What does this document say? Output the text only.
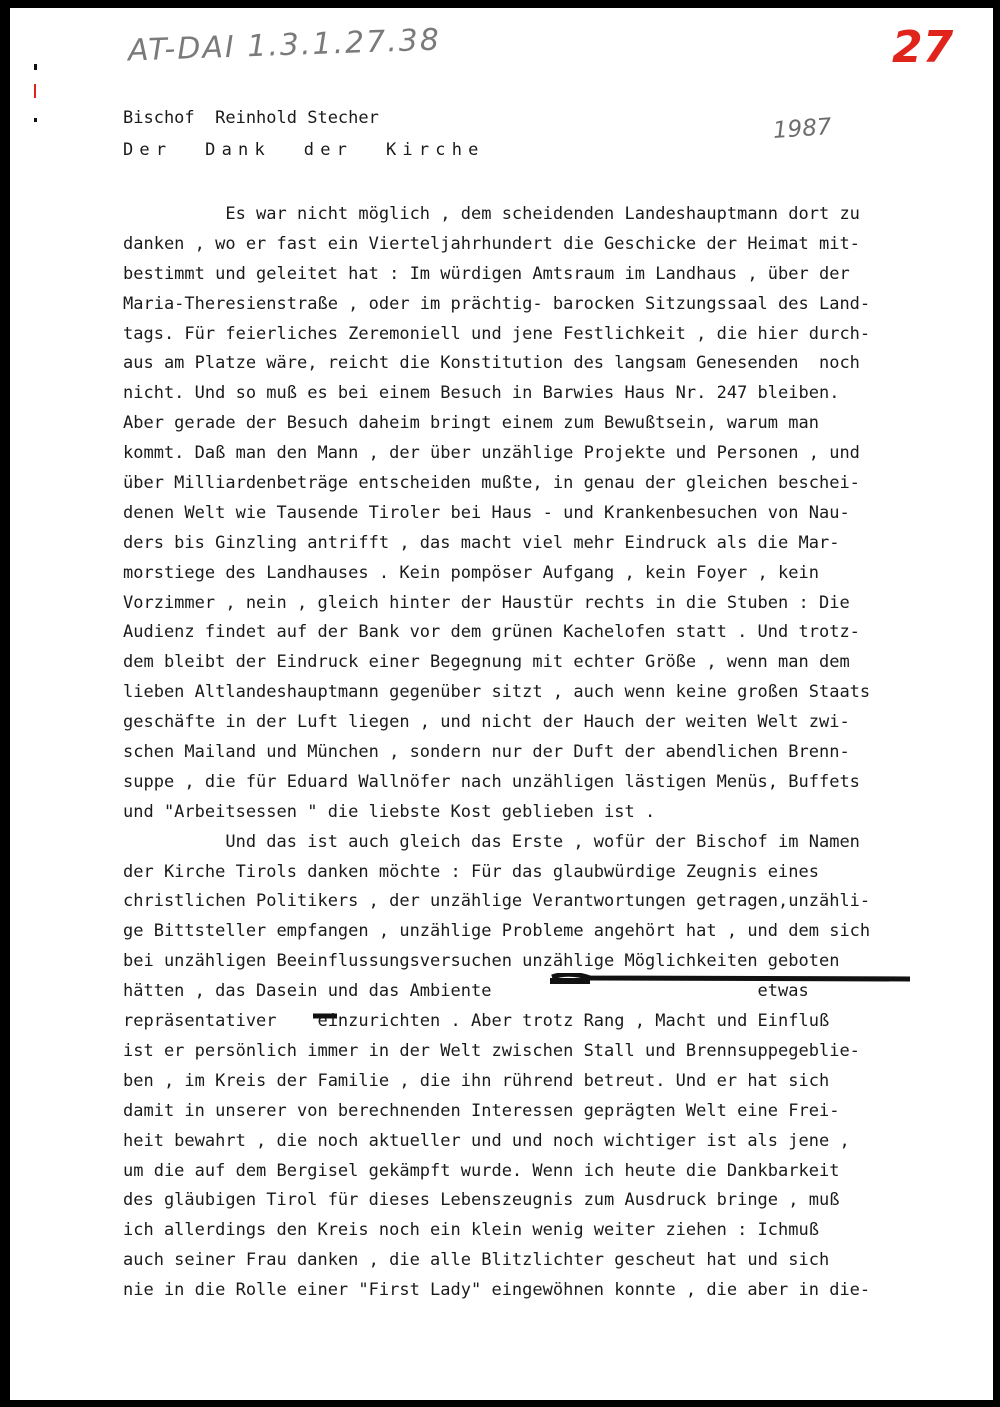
AT-DAI 1.3.1.27.38	27
1987
Bischof  Reinhold Stecher
Der  Dank  der  Kirche
Es war nicht möglich , dem scheidenden Landeshauptmann dort zu
danken , wo er fast ein Vierteljahrhundert die Geschicke der Heimat mit-
bestimmt und geleitet hat : Im würdigen Amtsraum im Landhaus , über der
Maria-Theresienstraße , oder im prächtig- barocken Sitzungssaal des Land-
tags. Für feierliches Zeremoniell und jene Festlichkeit , die hier durch-
aus am Platze wäre, reicht die Konstitution des langsam Genesenden  noch
nicht. Und so muß es bei einem Besuch in Barwies Haus Nr. 247 bleiben.
Aber gerade der Besuch daheim bringt einem zum Bewußtsein, warum man
kommt. Daß man den Mann , der über unzählige Projekte und Personen , und
über Milliardenbeträge entscheiden mußte, in genau der gleichen beschei-
denen Welt wie Tausende Tiroler bei Haus - und Krankenbesuchen von Nau-
ders bis Ginzling antrifft , das macht viel mehr Eindruck als die Mar-
morstiege des Landhauses . Kein pompöser Aufgang , kein Foyer , kein
Vorzimmer , nein , gleich hinter der Haustür rechts in die Stuben : Die
Audienz findet auf der Bank vor dem grünen Kachelofen statt . Und trotz-
dem bleibt der Eindruck einer Begegnung mit echter Größe , wenn man dem
lieben Altlandeshauptmann gegenüber sitzt , auch wenn keine großen Staats
geschäfte in der Luft liegen , und nicht der Hauch der weiten Welt zwi-
schen Mailand und München , sondern nur der Duft der abendlichen Brenn-
suppe , die für Eduard Wallnöfer nach unzähligen lästigen Menüs, Buffets
und "Arbeitsessen " die liebste Kost geblieben ist .
Und das ist auch gleich das Erste , wofür der Bischof im Namen
der Kirche Tirols danken möchte : Für das glaubwürdige Zeugnis eines
christlichen Politikers , der unzählige Verantwortungen getragen,unzähli-
ge Bittsteller empfangen , unzählige Probleme angehört hat , und dem sich
bei unzähligen Beeinflussungsversuchen unzählige Möglichkeiten geboten
hätten , das Dasein und das Ambiente                          etwas
repräsentativer    einzurichten . Aber trotz Rang , Macht und Einfluß
ist er persönlich immer in der Welt zwischen Stall und Brennsuppegeblie-
ben , im Kreis der Familie , die ihn rührend betreut. Und er hat sich
damit in unserer von berechnenden Interessen geprägten Welt eine Frei-
heit bewahrt , die noch aktueller und und noch wichtiger ist als jene ,
um die auf dem Bergisel gekämpft wurde. Wenn ich heute die Dankbarkeit
des gläubigen Tirol für dieses Lebenszeugnis zum Ausdruck bringe , muß
ich allerdings den Kreis noch ein klein wenig weiter ziehen : Ichmuß
auch seiner Frau danken , die alle Blitzlichter gescheut hat und sich
nie in die Rolle einer "First Lady" eingewöhnen konnte , die aber in die-
